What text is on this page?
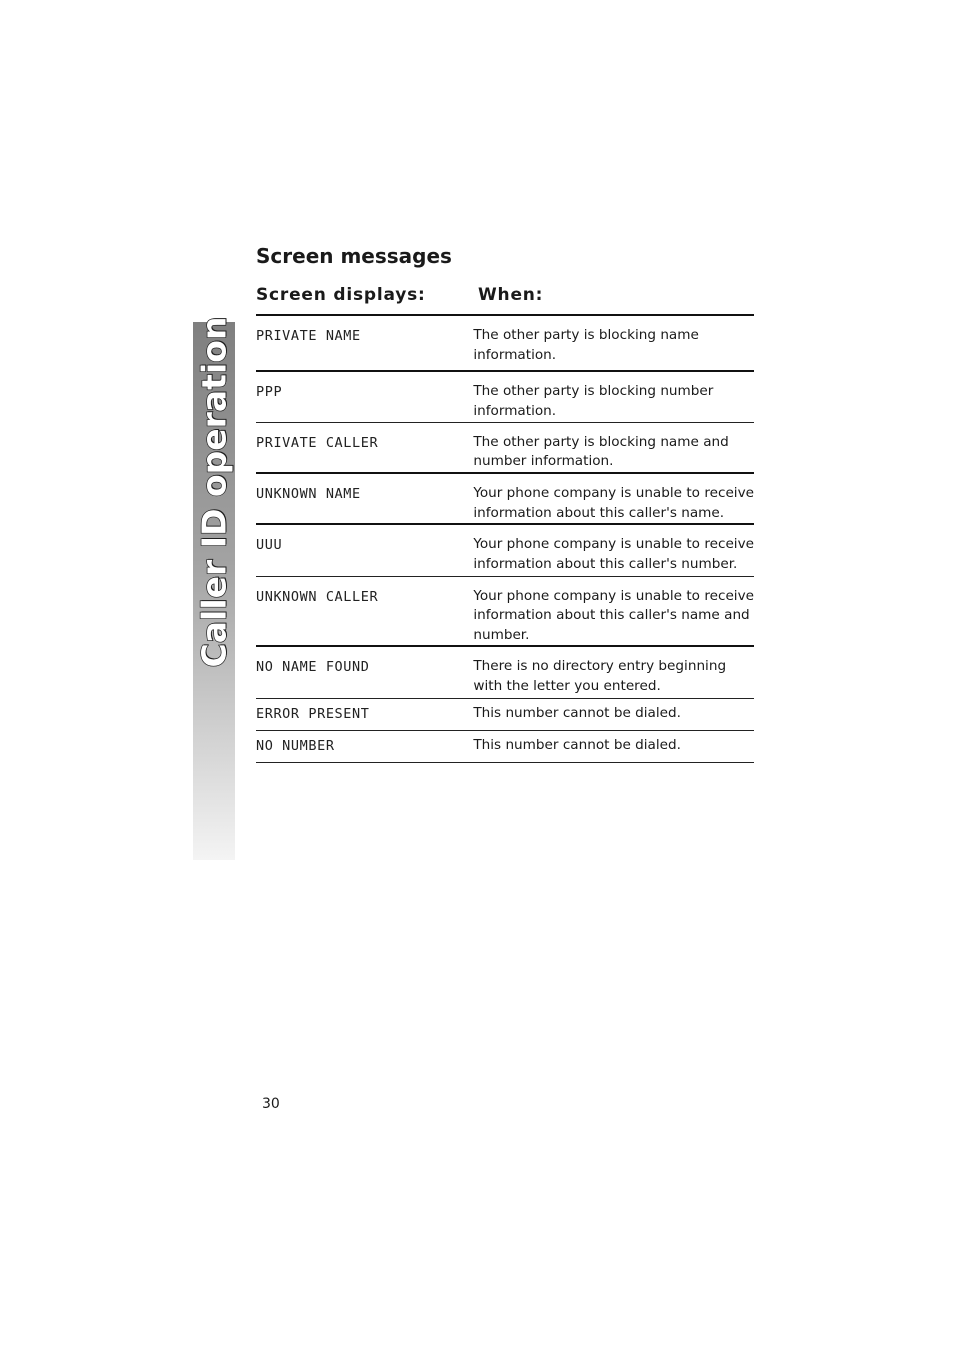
Caller ID operation
Screen messages
Screen displays:	When:
PRIVATE NAME	The other party is blocking name
information.

PPP	The other party is blocking number
information.

PRIVATE CALLER	The other party is blocking name and
number information.

UNKNOWN NAME	Your phone company is unable to receive
information about this caller's name.

UUU	Your phone company is unable to receive
information about this caller's number.

UNKNOWN CALLER	Your phone company is unable to receive
information about this caller's name and
number.

NO NAME FOUND	There is no directory entry beginning
with the letter you entered.

ERROR PRESENT	This number cannot be dialed.

NO NUMBER	This number cannot be dialed.
30
